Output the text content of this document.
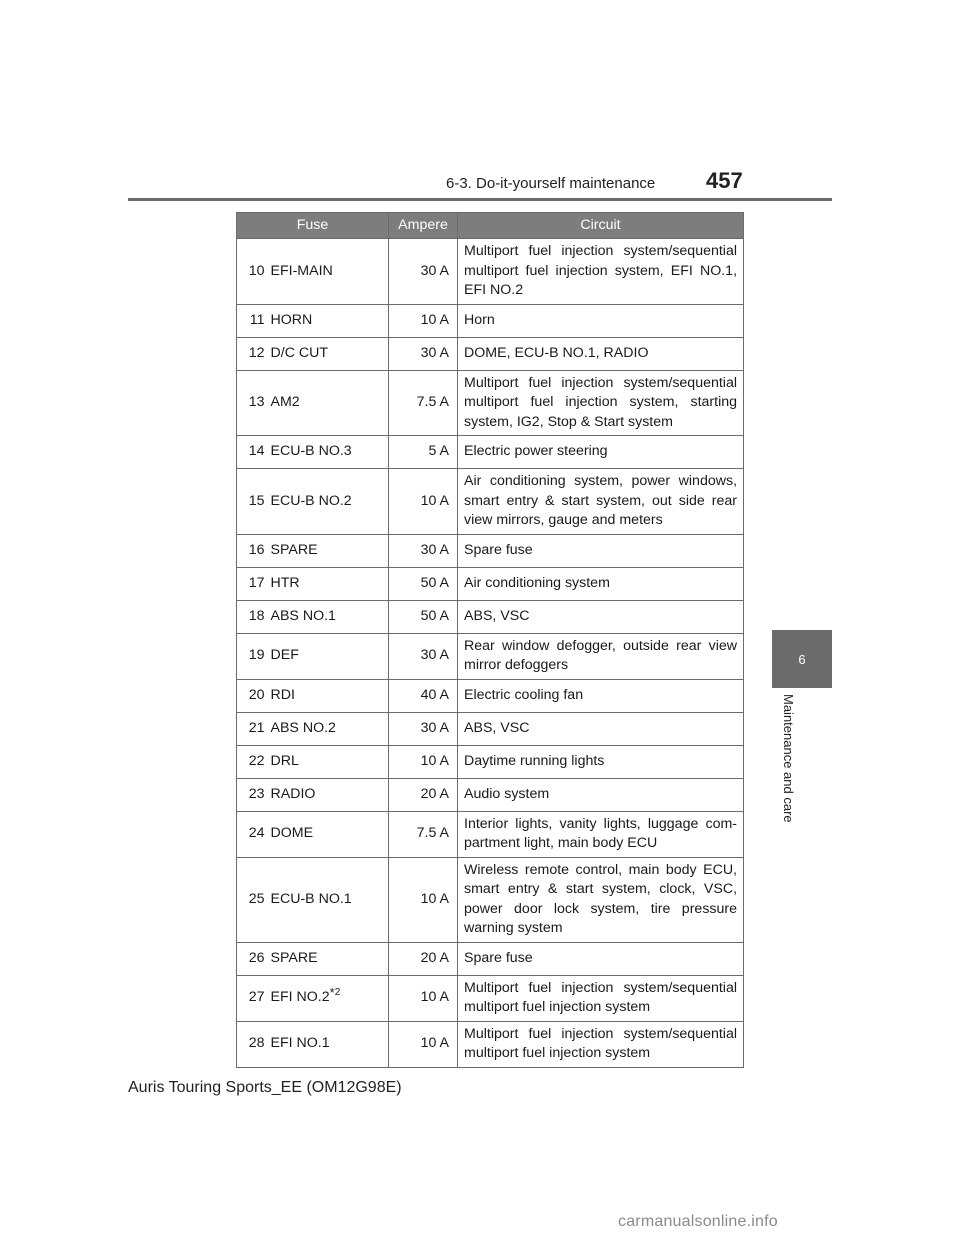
6-3. Do-it-yourself maintenance 457
6
Maintenance and care
Fuse		Ampere	Circuit
10	EFI-MAIN	30 A	Multiport fuel injection system/sequential multiport fuel injection system, EFI NO.1, EFI NO.2
11	HORN	10 A	Horn
12	D/C CUT	30 A	DOME, ECU-B NO.1, RADIO
13	AM2	7.5 A	Multiport fuel injection system/sequential multiport fuel injection system, starting system, IG2, Stop & Start system
14	ECU-B NO.3	5 A	Electric power steering
15	ECU-B NO.2	10 A	Air conditioning system, power windows, smart entry & start system, out side rear view mirrors, gauge and meters
16	SPARE	30 A	Spare fuse
17	HTR	50 A	Air conditioning system
18	ABS NO.1	50 A	ABS, VSC
19	DEF	30 A	Rear window defogger, outside rear view mirror defoggers
20	RDI	40 A	Electric cooling fan
21	ABS NO.2	30 A	ABS, VSC
22	DRL	10 A	Daytime running lights
23	RADIO	20 A	Audio system
24	DOME	7.5 A	Interior lights, vanity lights, luggage com-partment light, main body ECU
25	ECU-B NO.1	10 A	Wireless remote control, main body ECU, smart entry & start system, clock, VSC, power door lock system, tire pressure warning system
26	SPARE	20 A	Spare fuse
27	EFI NO.2*$^2$	10 A	Multiport fuel injection system/sequential multiport fuel injection system
28	EFI NO.1	10 A	Multiport fuel injection system/sequential multiport fuel injection system
Auris Touring Sports_EE (OM12G98E)
carmanualsonline.info
